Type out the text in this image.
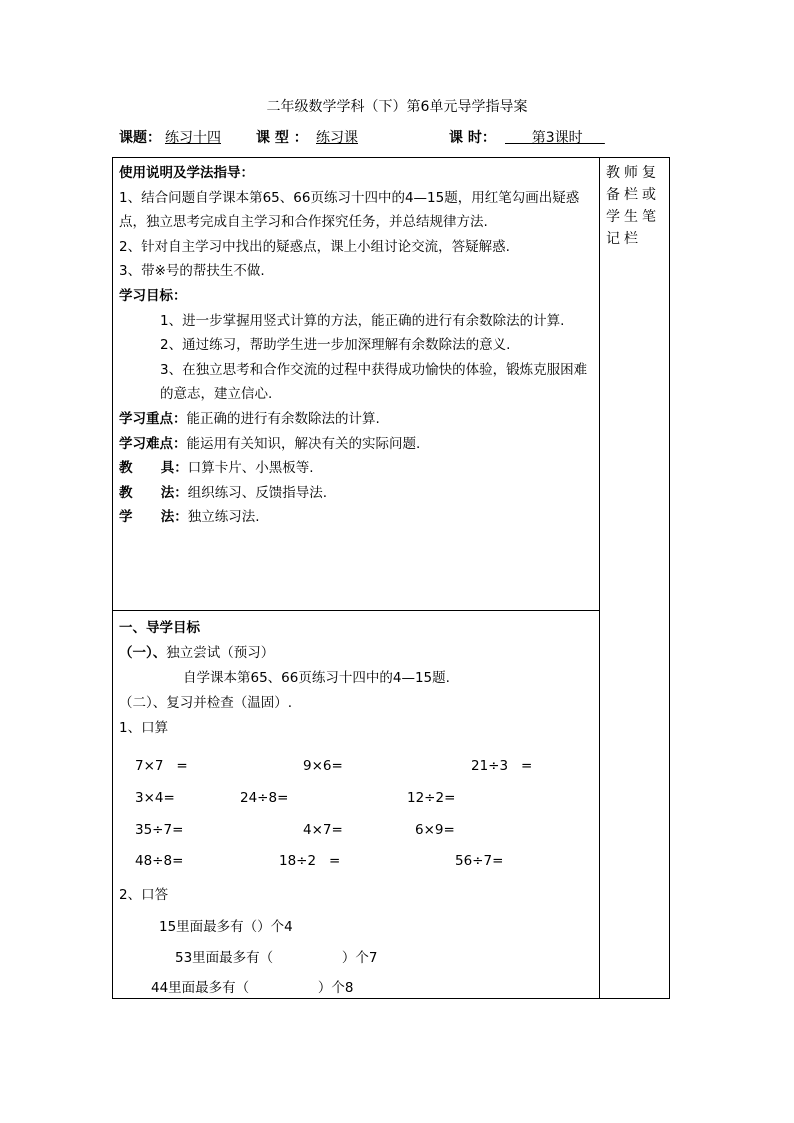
二年级数学学科（下）第6单元导学指导案
课题： 练习十四	课 型 ： 练习课	课 时： 第3课时
教师复备栏或学生笔记栏

使用说明及学法指导：

1、结合问题自学课本第65、66页练习十四中的4—15题，用红笔勾画出疑惑点，独立思考完成自主学习和合作探究任务，并总结规律方法.

2、针对自主学习中找出的疑惑点，课上小组讨论交流，答疑解惑.

3、带※号的帮扶生不做.

学习目标：

1、进一步掌握用竖式计算的方法，能正确的进行有余数除法的计算.

2、通过练习，帮助学生进一步加深理解有余数除法的意义.

3、在独立思考和合作交流的过程中获得成功愉快的体验，锻炼克服困难的意志，建立信心.

学习重点：能正确的进行有余数除法的计算.

学习难点：能运用有关知识，解决有关的实际问题.

教      具：口算卡片、小黑板等.

教      法：组织练习、反馈指导法.

学      法：独立练习法.

一、导学目标

（一）、独立尝试（预习）

自学课本第65、66页练习十四中的4—15题.

（二）、复习并检查（温固）.

1、口算

7×7   =	9×6=	21÷3   =
3×4=	24÷8=	12÷2=
35÷7=	4×7=	6×9=
48÷8=	18÷2   =	56÷7=
2、口答
15里面最多有（）个4
53里面最多有（                ）个7
44里面最多有（                ）个8
